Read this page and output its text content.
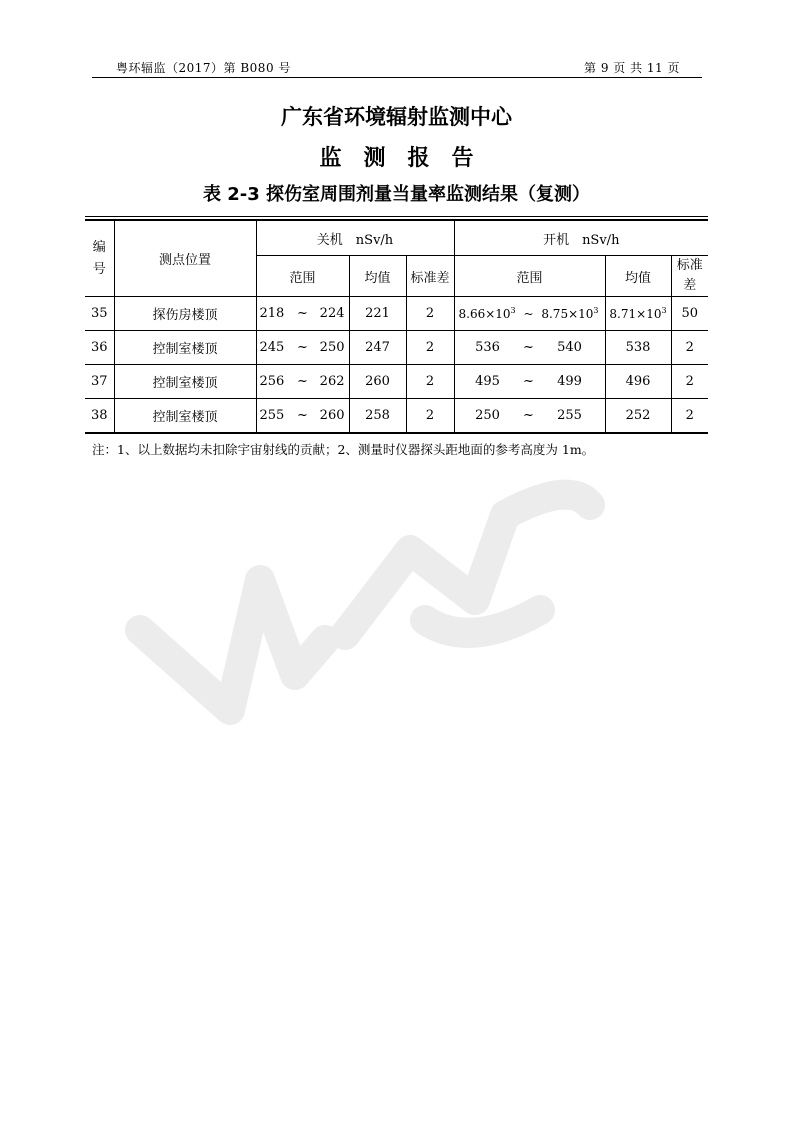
粤环辐监（2017）第 B080 号	第 9 页 共 11 页
广东省环境辐射监测中心
监测报告
表 2-3 探伤室周围剂量当量率监测结果（复测）
编号	测点位置	关机　nSv/h			开机　nSv/h		
		范围	均值	标准差	范围	均值	标准差
35	探伤房楼顶	218 ~ 224	221	2	$8.66\times 10^3$ ~ $8.75\times 10^3$	$8.71\times 10^3$	50
36	控制室楼顶	245 ~ 250	247	2	536 ~ 540	538	2
37	控制室楼顶	256 ~ 262	260	2	495 ~ 499	496	2
38	控制室楼顶	255 ~ 260	258	2	250 ~ 255	252	2
注：1、以上数据均未扣除宇宙射线的贡献；2、测量时仪器探头距地面的参考高度为 1m。
